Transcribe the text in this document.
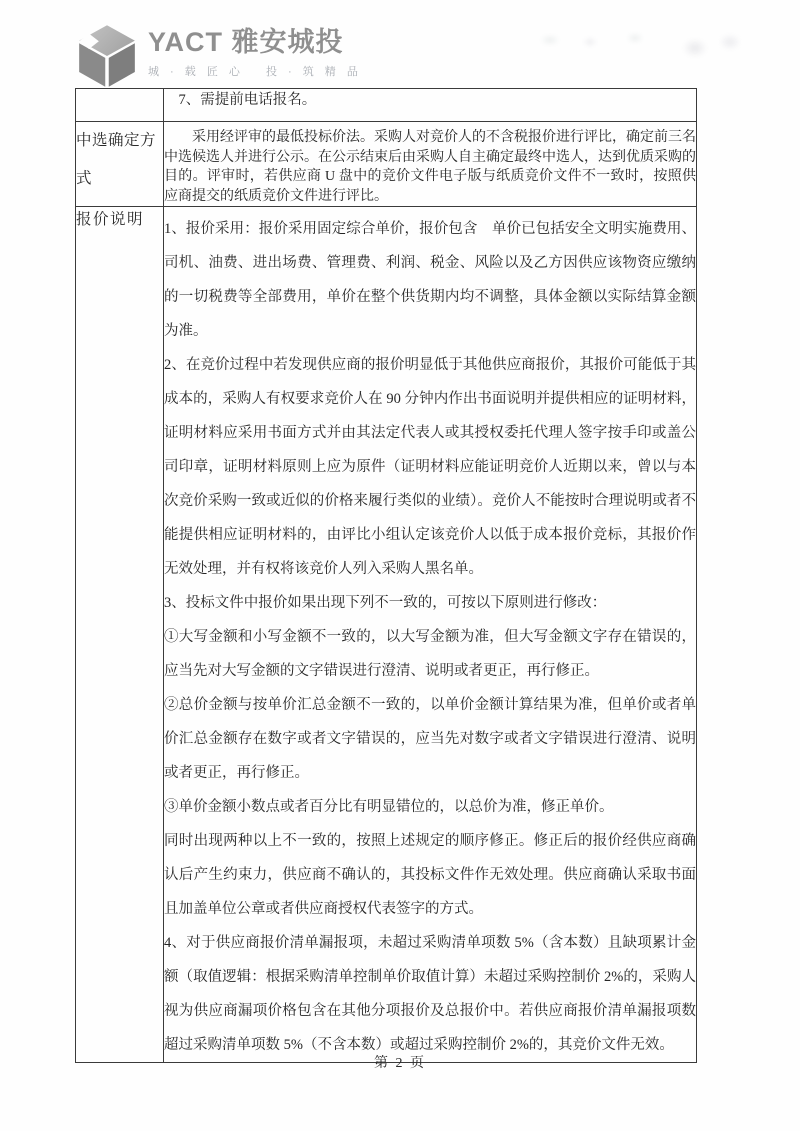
YACT 雅安城投
城 · 载 匠 心　 投 · 筑 精 品

	7、需提前电话报名。

中选确定方式	采用经评审的最低投标价法。采购人对竞价人的不含税报价进行评比，确定前三名中选候选人并进行公示。在公示结束后由采购人自主确定最终中选人，达到优质采购的目的。评审时，若供应商 U 盘中的竞价文件电子版与纸质竞价文件不一致时，按照供应商提交的纸质竞价文件进行评比。

报价说明	

1、报价采用：报价采用固定综合单价，报价包含　单价已包括安全文明实施费用、司机、油费、进出场费、管理费、利润、税金、风险以及乙方因供应该物资应缴纳的一切税费等全部费用，单价在整个供货期内均不调整，具体金额以实际结算金额为准。

2、在竞价过程中若发现供应商的报价明显低于其他供应商报价，其报价可能低于其成本的，采购人有权要求竞价人在 90 分钟内作出书面说明并提供相应的证明材料，证明材料应采用书面方式并由其法定代表人或其授权委托代理人签字按手印或盖公司印章，证明材料原则上应为原件（证明材料应能证明竞价人近期以来，曾以与本次竞价采购一致或近似的价格来履行类似的业绩）。竞价人不能按时合理说明或者不能提供相应证明材料的，由评比小组认定该竞价人以低于成本报价竞标，其报价作无效处理，并有权将该竞价人列入采购人黑名单。

3、投标文件中报价如果出现下列不一致的，可按以下原则进行修改：

①大写金额和小写金额不一致的，以大写金额为准，但大写金额文字存在错误的，应当先对大写金额的文字错误进行澄清、说明或者更正，再行修正。

②总价金额与按单价汇总金额不一致的，以单价金额计算结果为准，但单价或者单价汇总金额存在数字或者文字错误的，应当先对数字或者文字错误进行澄清、说明或者更正，再行修正。

③单价金额小数点或者百分比有明显错位的，以总价为准，修正单价。

同时出现两种以上不一致的，按照上述规定的顺序修正。修正后的报价经供应商确认后产生约束力，供应商不确认的，其投标文件作无效处理。供应商确认采取书面且加盖单位公章或者供应商授权代表签字的方式。

4、对于供应商报价清单漏报项，未超过采购清单项数 5%（含本数）且缺项累计金额（取值逻辑：根据采购清单控制单价取值计算）未超过采购控制价 2%的，采购人视为供应商漏项价格包含在其他分项报价及总报价中。若供应商报价清单漏报项数超过采购清单项数 5%（不含本数）或超过采购控制价 2%的，其竞价文件无效。

第 2 页
